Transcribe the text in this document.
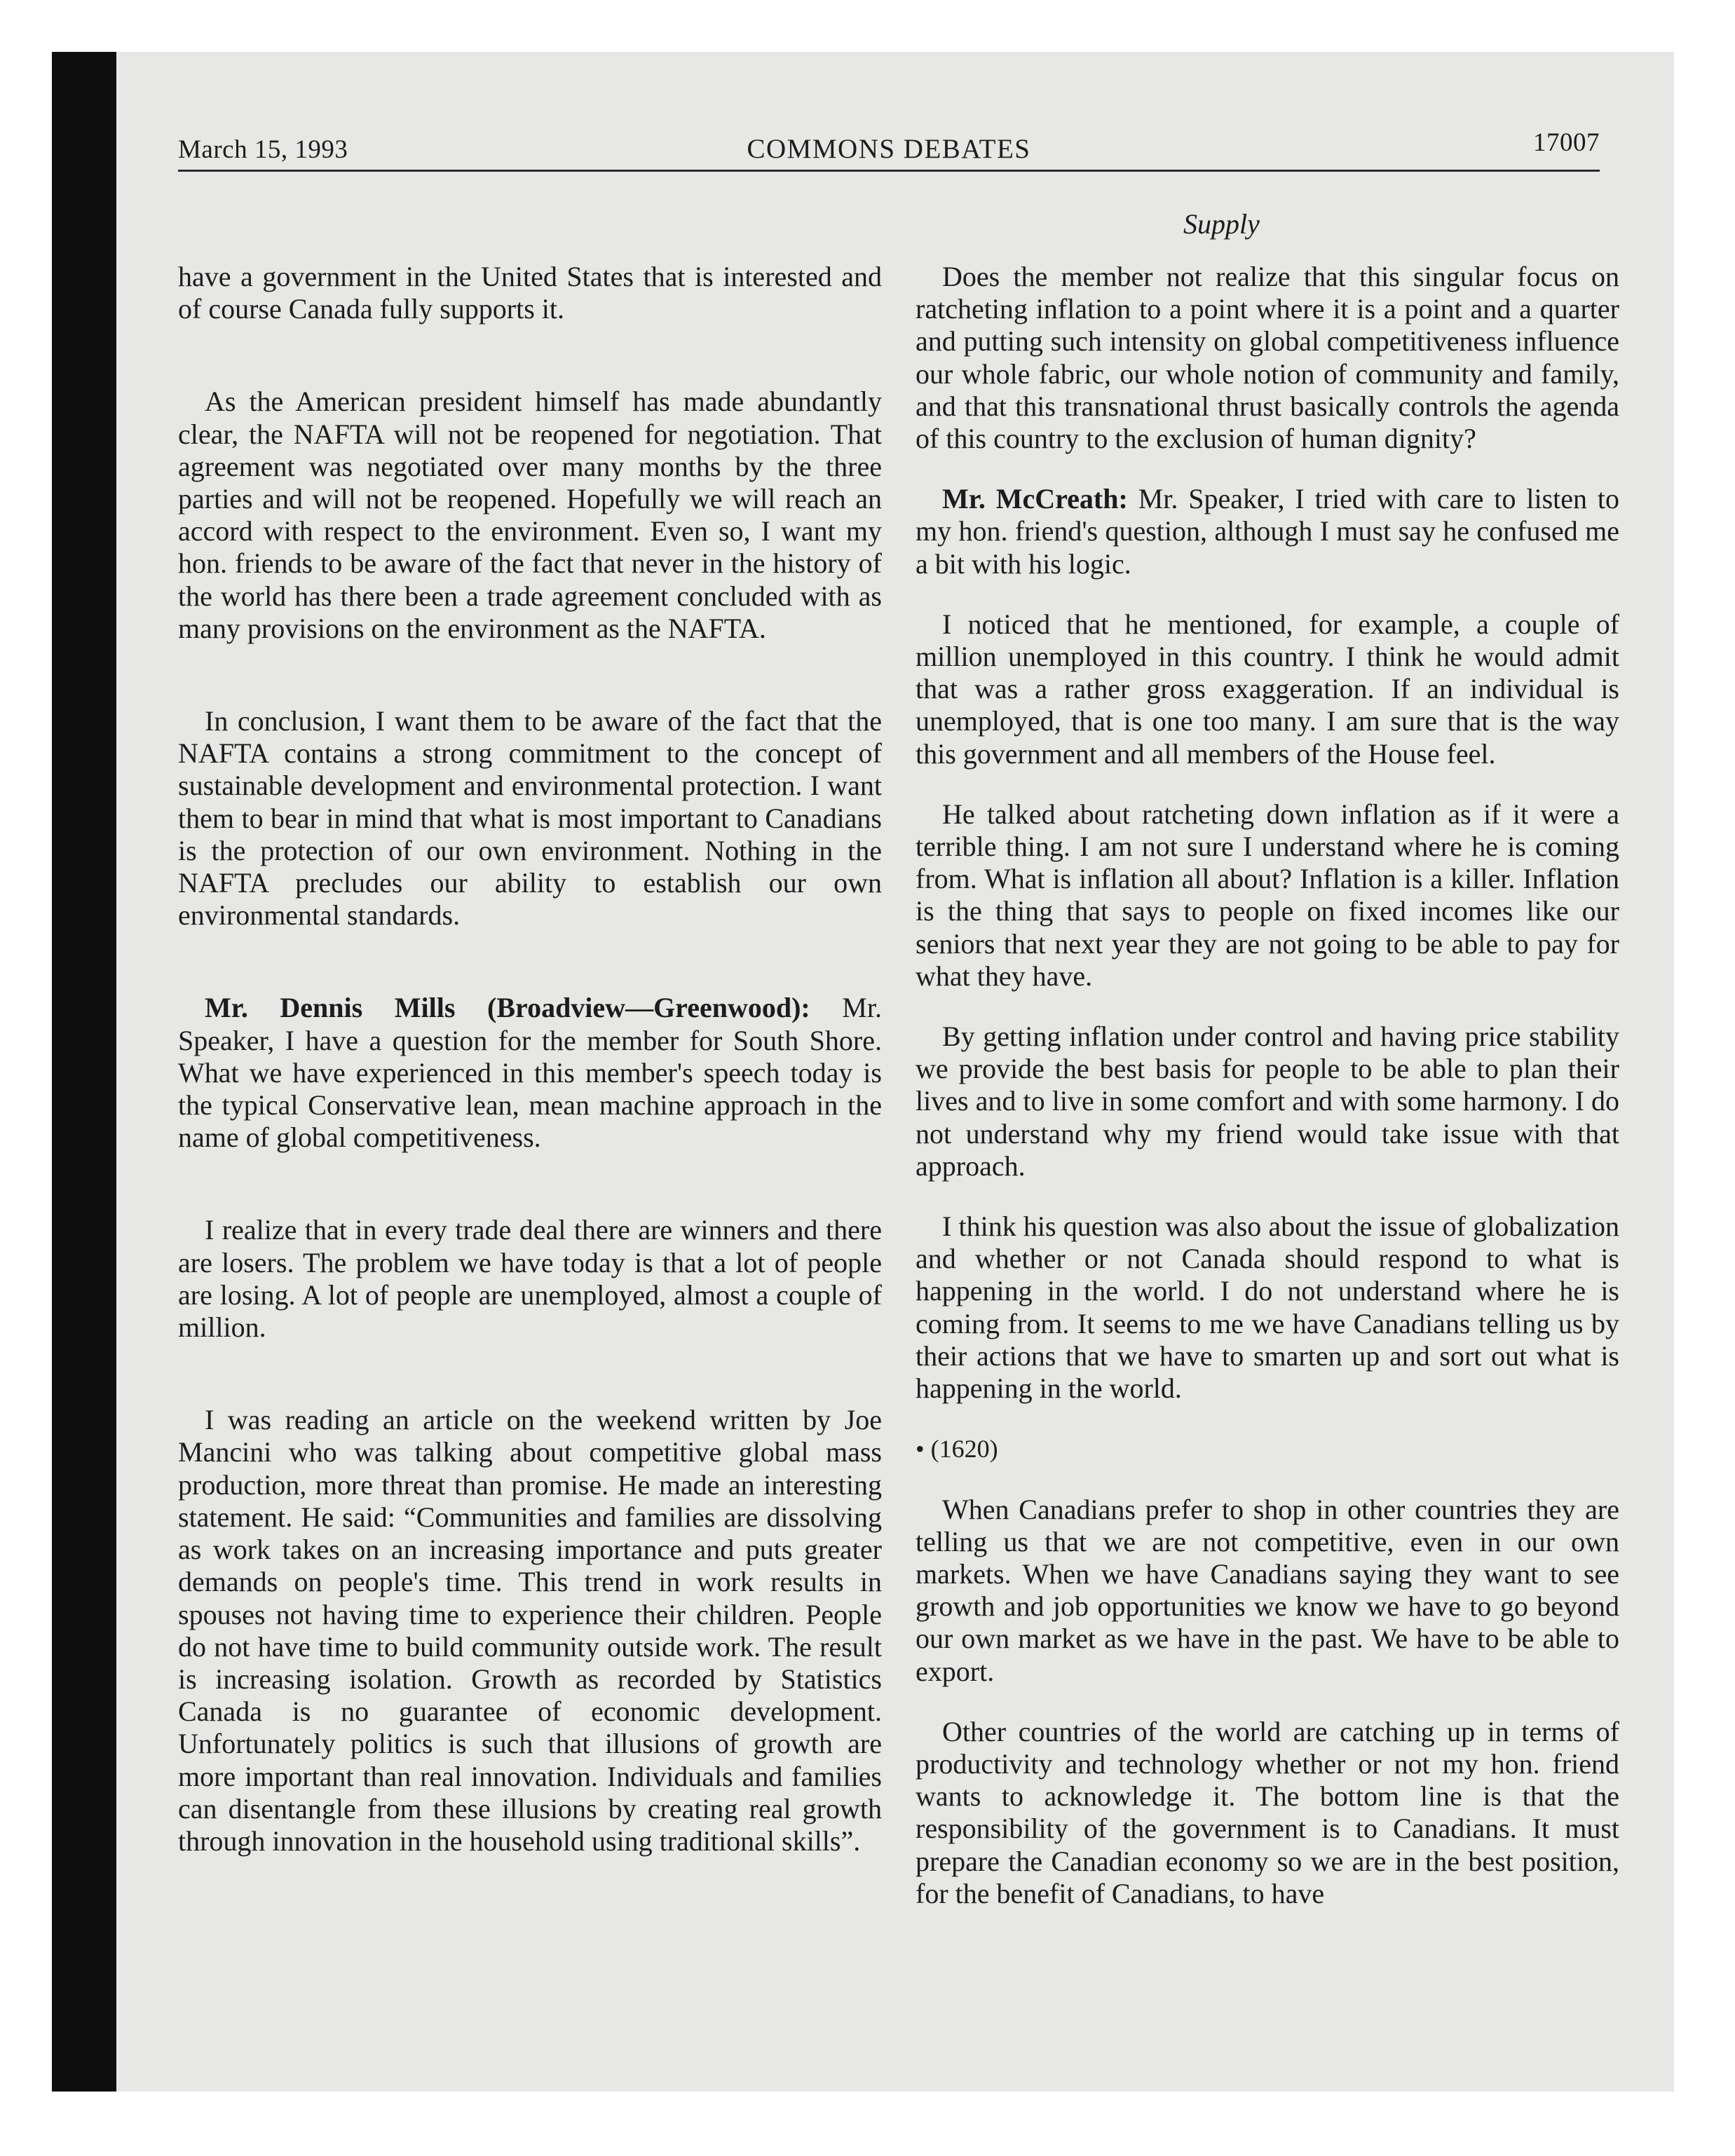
March 15, 1993	COMMONS DEBATES	17007
Supply

have a government in the United States that is interested and of course Canada fully supports it.

As the American president himself has made abundantly clear, the NAFTA will not be reopened for negotiation. That agreement was negotiated over many months by the three parties and will not be reopened. Hopefully we will reach an accord with respect to the environment. Even so, I want my hon. friends to be aware of the fact that never in the history of the world has there been a trade agreement concluded with as many provisions on the environment as the NAFTA.

In conclusion, I want them to be aware of the fact that the NAFTA contains a strong commitment to the concept of sustainable development and environmental protection. I want them to bear in mind that what is most important to Canadians is the protection of our own environment. Nothing in the NAFTA precludes our ability to establish our own environmental standards.

Mr. Dennis Mills (Broadview—Greenwood): Mr. Speaker, I have a question for the member for South Shore. What we have experienced in this member's speech today is the typical Conservative lean, mean machine approach in the name of global competitiveness.

I realize that in every trade deal there are winners and there are losers. The problem we have today is that a lot of people are losing. A lot of people are unemployed, almost a couple of million.

I was reading an article on the weekend written by Joe Mancini who was talking about competitive global mass production, more threat than promise. He made an interesting statement. He said: “Communities and families are dissolving as work takes on an increasing importance and puts greater demands on people's time. This trend in work results in spouses not having time to experience their children. People do not have time to build community outside work. The result is increasing isolation. Growth as recorded by Statistics Canada is no guarantee of economic development. Unfortunately politics is such that illusions of growth are more important than real innovation. Individuals and families can disentangle from these illusions by creating real growth through innovation in the household using traditional skills”.

Does the member not realize that this singular focus on ratcheting inflation to a point where it is a point and a quarter and putting such intensity on global competitiveness influence our whole fabric, our whole notion of community and family, and that this transnational thrust basically controls the agenda of this country to the exclusion of human dignity?

Mr. McCreath: Mr. Speaker, I tried with care to listen to my hon. friend's question, although I must say he confused me a bit with his logic.

I noticed that he mentioned, for example, a couple of million unemployed in this country. I think he would admit that was a rather gross exaggeration. If an individual is unemployed, that is one too many. I am sure that is the way this government and all members of the House feel.

He talked about ratcheting down inflation as if it were a terrible thing. I am not sure I understand where he is coming from. What is inflation all about? Inflation is a killer. Inflation is the thing that says to people on fixed incomes like our seniors that next year they are not going to be able to pay for what they have.

By getting inflation under control and having price stability we provide the best basis for people to be able to plan their lives and to live in some comfort and with some harmony. I do not understand why my friend would take issue with that approach.

I think his question was also about the issue of globalization and whether or not Canada should respond to what is happening in the world. I do not understand where he is coming from. It seems to me we have Canadians telling us by their actions that we have to smarten up and sort out what is happening in the world.

• (1620)

When Canadians prefer to shop in other countries they are telling us that we are not competitive, even in our own markets. When we have Canadians saying they want to see growth and job opportunities we know we have to go beyond our own market as we have in the past. We have to be able to export.

Other countries of the world are catching up in terms of productivity and technology whether or not my hon. friend wants to acknowledge it. The bottom line is that the responsibility of the government is to Canadians. It must prepare the Canadian economy so we are in the best position, for the benefit of Canadians, to have
